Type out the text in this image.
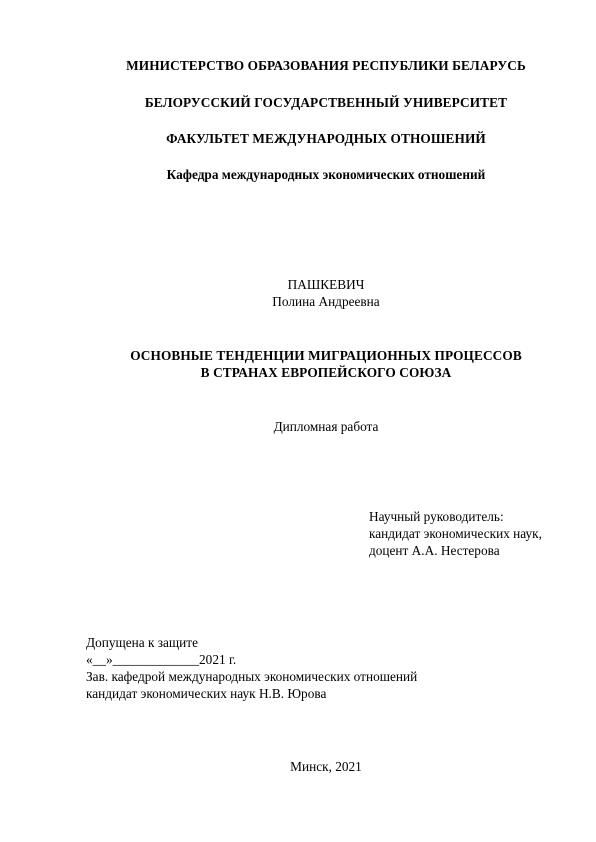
МИНИСТЕРСТВО ОБРАЗОВАНИЯ РЕСПУБЛИКИ БЕЛАРУСЬ
БЕЛОРУССКИЙ ГОСУДАРСТВЕННЫЙ УНИВЕРСИТЕТ
ФАКУЛЬТЕТ МЕЖДУНАРОДНЫХ ОТНОШЕНИЙ
Кафедра международных экономических отношений
ПАШКЕВИЧ
Полина Андреевна
ОСНОВНЫЕ ТЕНДЕНЦИИ МИГРАЦИОННЫХ ПРОЦЕССОВ
В СТРАНАХ ЕВРОПЕЙСКОГО СОЮЗА
Дипломная работа
Научный руководитель:
кандидат экономических наук,
доцент А.А. Нестерова
Допущена к защите
«__»_____________2021 г.
Зав. кафедрой международных экономических отношений
кандидат экономических наук Н.В. Юрова
Минск, 2021
